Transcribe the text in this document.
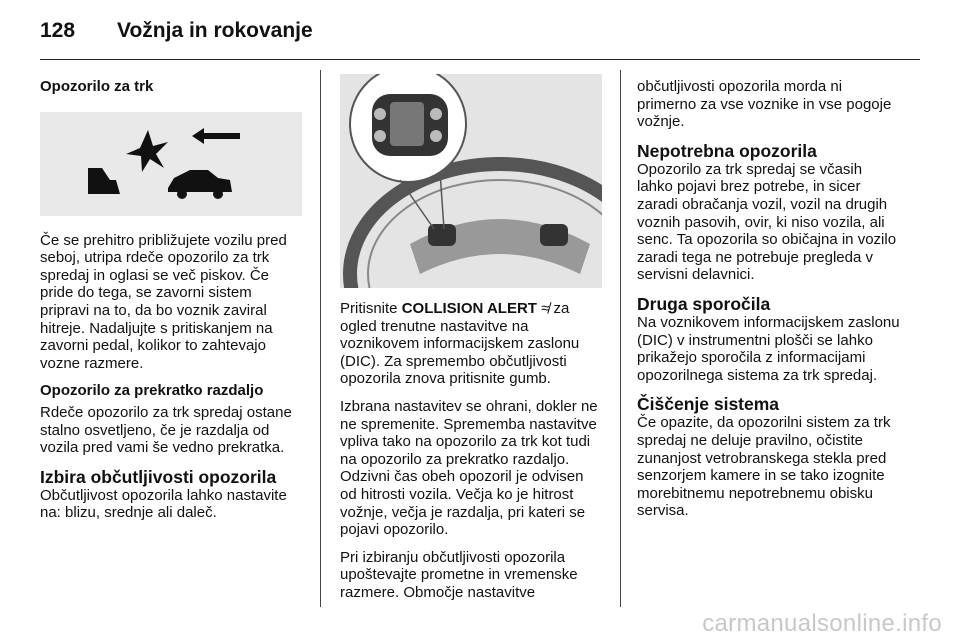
128 Vožnja in rokovanje
Opozorilo za trk

Če se prehitro približujete vozilu pred seboj, utripa rdeče opozorilo za trk spredaj in oglasi se več piskov. Če pride do tega, se zavorni sistem pripravi na to, da bo voznik zaviral hitreje. Nadaljujte s pritiskanjem na zavorni pedal, kolikor to zahtevajo vozne razmere.

Opozorilo za prekratko razdaljo

Rdeče opozorilo za trk spredaj ostane stalno osvetljeno, če je razdalja od vozila pred vami še vedno prekratka.

Izbira občutljivosti opozorila

Občutljivost opozorila lahko nastavite na: blizu, srednje ali daleč.

Pritisnite COLLISION ALERT ≉ za ogled trenutne nastavitve na voznikovem informacijskem zaslonu (DIC). Za spremembo občutljivosti opozorila znova pritisnite gumb.

Izbrana nastavitev se ohrani, dokler ne ne spremenite. Sprememba nastavitve vpliva tako na opozorilo za trk kot tudi na opozorilo za prekratko razdaljo. Odzivni čas obeh opozoril je odvisen od hitrosti vozila. Večja ko je hitrost vožnje, večja je razdalja, pri kateri se pojavi opozorilo.

Pri izbiranju občutljivosti opozorila upoštevajte prometne in vremenske razmere. Območje nastavitve

občutljivosti opozorila morda ni primerno za vse voznike in vse pogoje vožnje.

Nepotrebna opozorila

Opozorilo za trk spredaj se včasih lahko pojavi brez potrebe, in sicer zaradi obračanja vozil, vozil na drugih voznih pasovih, ovir, ki niso vozila, ali senc. Ta opozorila so običajna in vozilo zaradi tega ne potrebuje pregleda v servisni delavnici.

Druga sporočila

Na voznikovem informacijskem zaslonu (DIC) v instrumentni plošči se lahko prikažejo sporočila z informacijami opozorilnega sistema za trk spredaj.

Čiščenje sistema

Če opazite, da opozorilni sistem za trk spredaj ne deluje pravilno, očistite zunanjost vetrobranskega stekla pred senzorjem kamere in se tako izognite morebitnemu nepotrebnemu obisku servisa.

carmanualsonline.info
